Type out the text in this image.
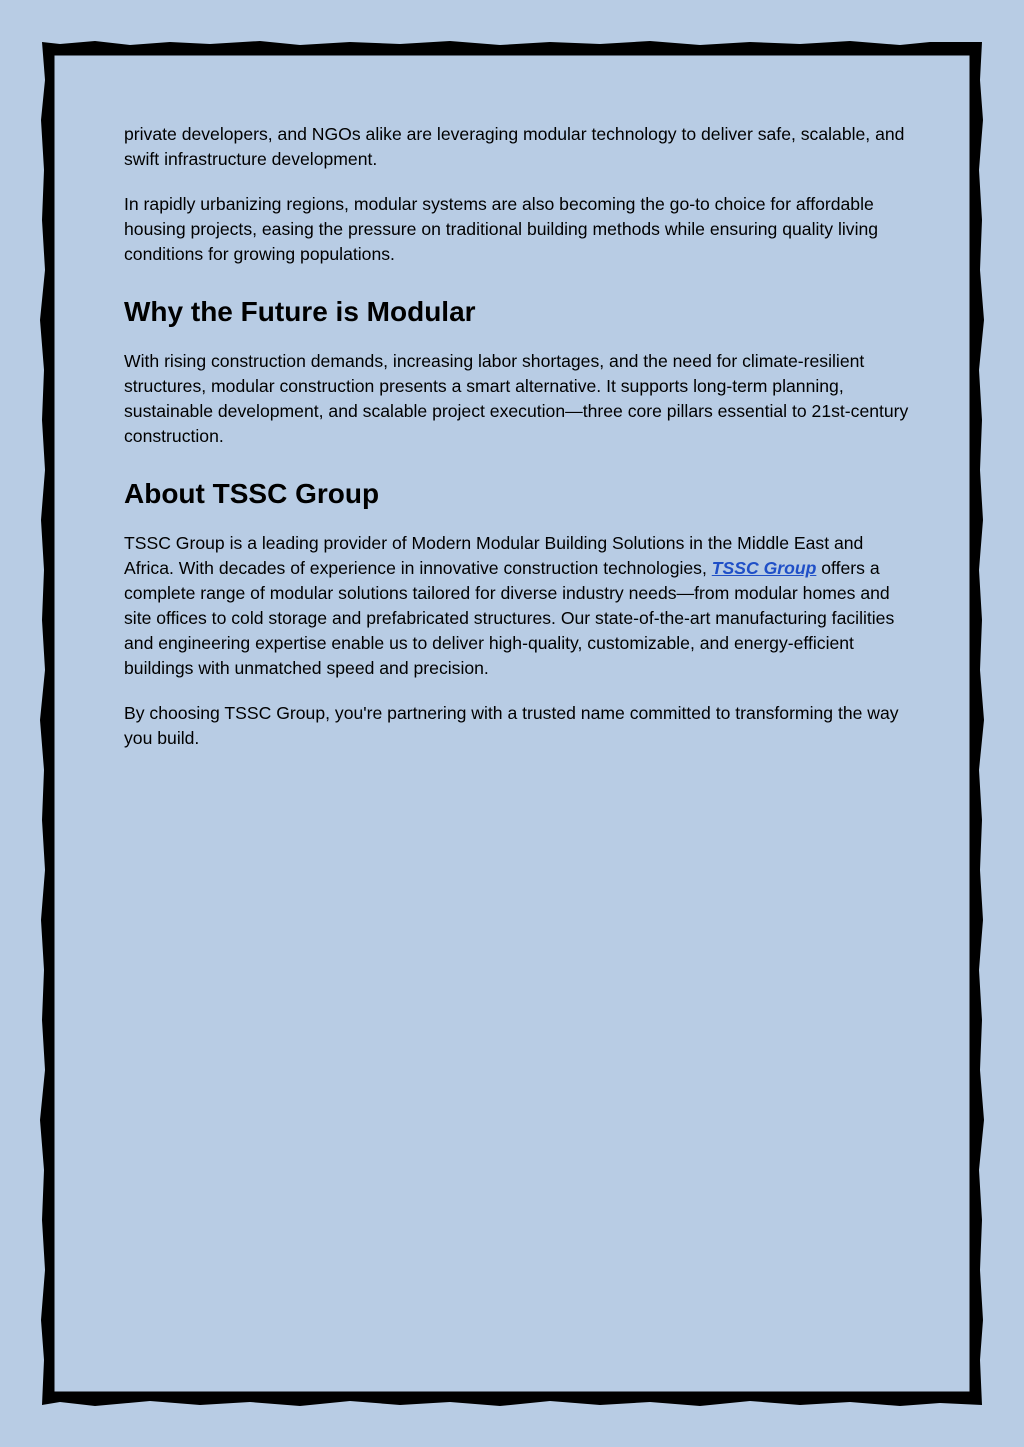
private developers, and NGOs alike are leveraging modular technology to deliver safe, scalable, and swift infrastructure development.

In rapidly urbanizing regions, modular systems are also becoming the go-to choice for affordable housing projects, easing the pressure on traditional building methods while ensuring quality living conditions for growing populations.

Why the Future is Modular

With rising construction demands, increasing labor shortages, and the need for climate-resilient structures, modular construction presents a smart alternative. It supports long-term planning, sustainable development, and scalable project execution—three core pillars essential to 21st-century construction.

About TSSC Group

TSSC Group is a leading provider of Modern Modular Building Solutions in the Middle East and Africa. With decades of experience in innovative construction technologies, TSSC Group offers a complete range of modular solutions tailored for diverse industry needs—from modular homes and site offices to cold storage and prefabricated structures. Our state-of-the-art manufacturing facilities and engineering expertise enable us to deliver high-quality, customizable, and energy-efficient buildings with unmatched speed and precision.

By choosing TSSC Group, you're partnering with a trusted name committed to transforming the way you build.
